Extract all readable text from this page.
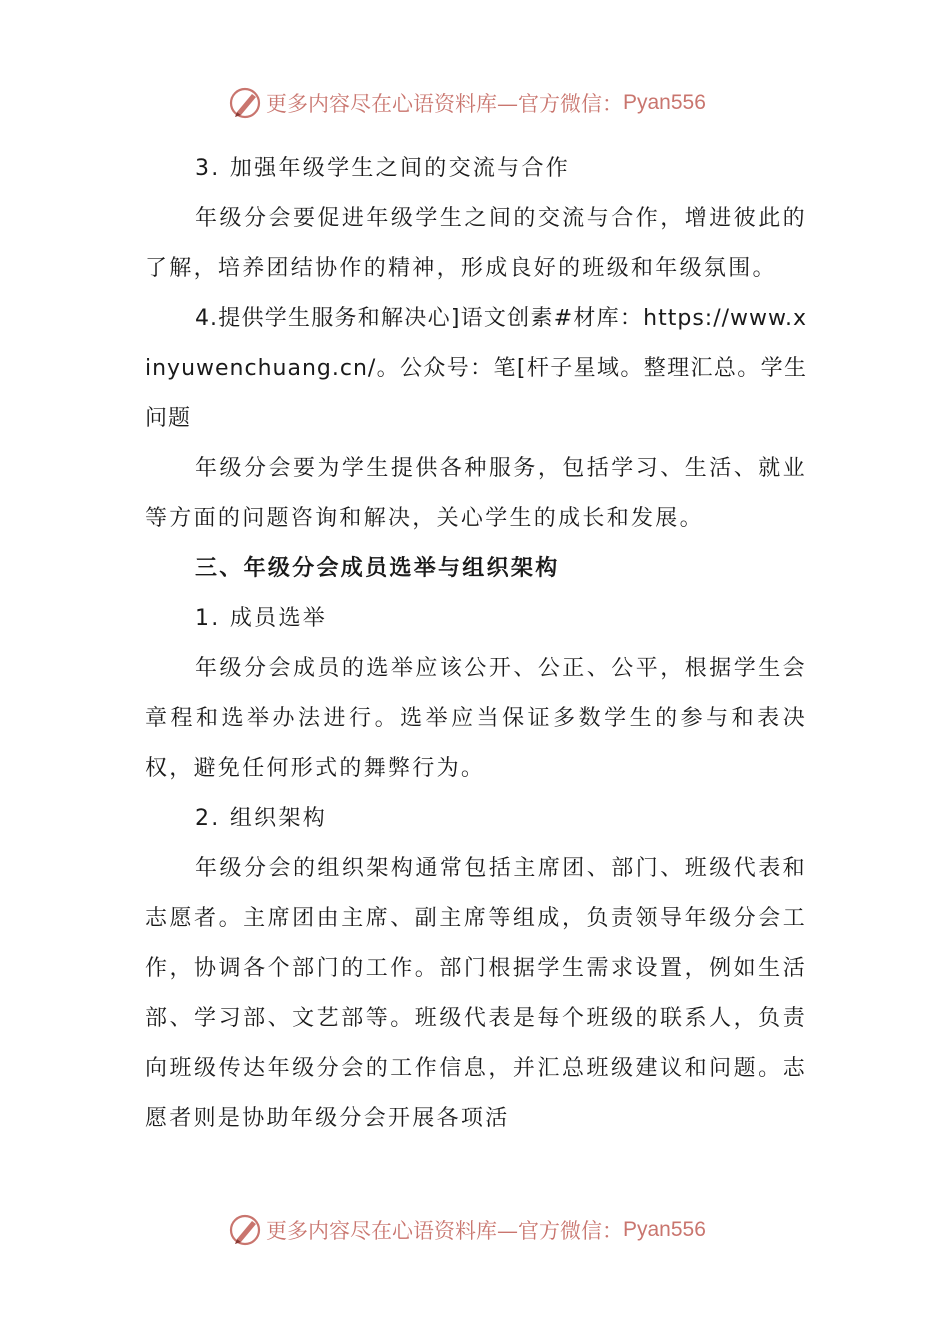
更多内容尽在心语资料库—官方微信： Pyan556

3. 加强年级学生之间的交流与合作

年级分会要促进年级学生之间的交流与合作，增进彼此的了解，培养团结协作的精神，形成良好的班级和年级氛围。

4.提供学生服务和解决心]语文创素#材库：https://www.xinyuwenchuang.cn/。公众号：笔[杆子星域。整理汇总。学生问题

年级分会要为学生提供各种服务，包括学习、生活、就业等方面的问题咨询和解决，关心学生的成长和发展。

三、年级分会成员选举与组织架构

1. 成员选举

年级分会成员的选举应该公开、公正、公平，根据学生会章程和选举办法进行。选举应当保证多数学生的参与和表决权，避免任何形式的舞弊行为。

2. 组织架构

年级分会的组织架构通常包括主席团、部门、班级代表和志愿者。主席团由主席、副主席等组成，负责领导年级分会工作，协调各个部门的工作。部门根据学生需求设置，例如生活部、学习部、文艺部等。班级代表是每个班级的联系人，负责向班级传达年级分会的工作信息，并汇总班级建议和问题。志愿者则是协助年级分会开展各项活

更多内容尽在心语资料库—官方微信： Pyan556
